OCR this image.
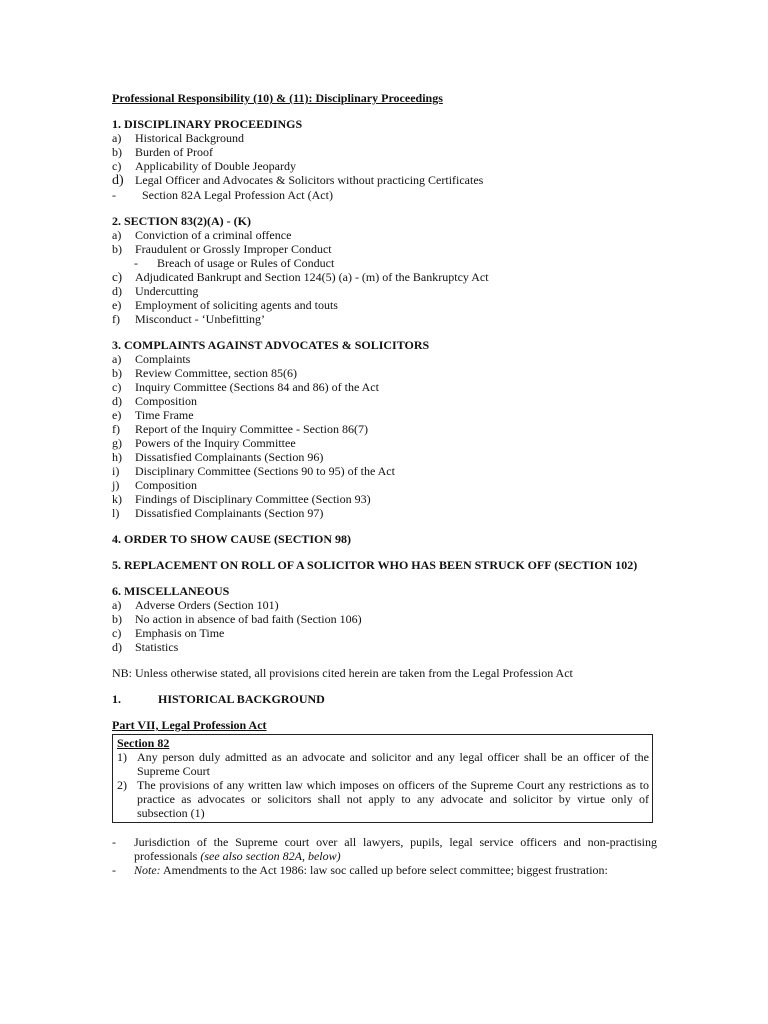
Professional Responsibility (10) & (11): Disciplinary Proceedings
1. DISCIPLINARY PROCEEDINGS
a)	Historical Background
b)	Burden of Proof
c)	Applicability of Double Jeopardy
d) Legal Officer and Advocates & Solicitors without practicing Certificates
-	Section 82A Legal Profession Act (Act)
2. SECTION 83(2)(A) - (K)
a)	Conviction of a criminal offence
b)	Fraudulent or Grossly Improper Conduct
-	Breach of usage or Rules of Conduct
c)	Adjudicated Bankrupt and Section 124(5) (a) - (m) of the Bankruptcy Act
d)	Undercutting
e)	Employment of soliciting agents and touts
f)	Misconduct - ‘Unbefitting’
3. COMPLAINTS AGAINST ADVOCATES & SOLICITORS
a)	Complaints
b)	Review Committee, section 85(6)
c)	Inquiry Committee (Sections 84 and 86) of the Act
d)	Composition
e)	Time Frame
f)	Report of the Inquiry Committee - Section 86(7)
g)	Powers of the Inquiry Committee
h)	Dissatisfied Complainants (Section 96)
i)	Disciplinary Committee (Sections 90 to 95) of the Act
j)	Composition
k)	Findings of Disciplinary Committee (Section 93)
l)	Dissatisfied Complainants (Section 97)
4. ORDER TO SHOW CAUSE (SECTION 98)
5. REPLACEMENT ON ROLL OF A SOLICITOR WHO HAS BEEN STRUCK OFF (SECTION 102)
6. MISCELLANEOUS
a)	Adverse Orders (Section 101)
b)	No action in absence of bad faith (Section 106)
c)	Emphasis on Time
d)	Statistics
NB: Unless otherwise stated, all provisions cited herein are taken from the Legal Profession Act
1.	HISTORICAL BACKGROUND
Part VII, Legal Profession Act
Section 82
1) Any person duly admitted as an advocate and solicitor and any legal officer shall be an officer of the Supreme Court
2) The provisions of any written law which imposes on officers of the Supreme Court any restrictions as to practice as advocates or solicitors shall not apply to any advocate and solicitor by virtue only of subsection (1)
-	Jurisdiction of the Supreme court over all lawyers, pupils, legal service officers and non-practising professionals (see also section 82A, below)
-	Note: Amendments to the Act 1986: law soc called up before select committee; biggest frustration:
